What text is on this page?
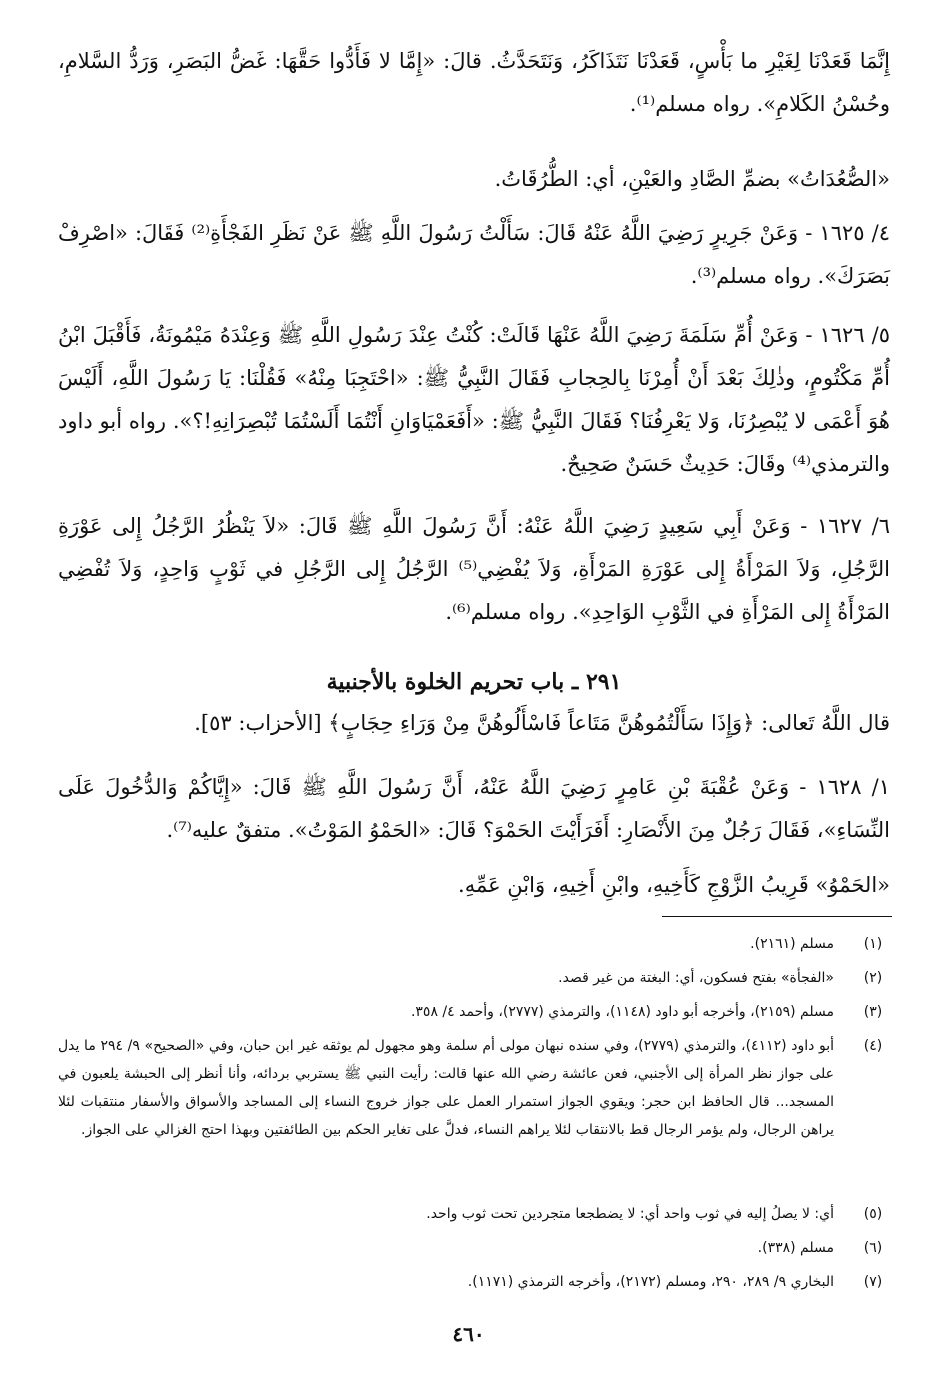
إِنَّمَا قَعَدْنَا لِغَيْرِ ما بَأْسٍ، قَعَدْنَا نَتَذَاكَرُ، وَنَتَحَدَّثُ. قالَ: «إِمَّا لا فَأَدُّوا حَقَّهَا: غَضُّ البَصَرِ، وَرَدُّ السَّلامِ، وحُسْنُ الكَلامِ». رواه مسلم⁽¹⁾.

«الصُّعُدَاتُ» بضمِّ الصَّادِ والعَيْنِ، أي: الطُّرُقَاتُ.

٤/ ١٦٢٥ - وَعَنْ جَرِيرٍ رَضِيَ اللَّهُ عَنْهُ قَالَ: سَأَلْتُ رَسُولَ اللَّهِ ﷺ عَنْ نَظَرِ الفَجْأَةِ⁽²⁾ فَقَالَ: «اصْرِفْ بَصَرَكَ». رواه مسلم⁽³⁾.

٥/ ١٦٢٦ - وَعَنْ أُمِّ سَلَمَةَ رَضِيَ اللَّهُ عَنْهَا قَالَتْ: كُنْتُ عِنْدَ رَسُولِ اللَّهِ ﷺ وَعِنْدَهُ مَيْمُونَةُ، فَأَقْبَلَ ابْنُ أُمِّ مَكْتُومٍ، وذٰلِكَ بَعْدَ أَنْ أُمِرْنَا بِالحِجابِ فَقَالَ النَّبِيُّ ﷺ: «احْتَجِبَا مِنْهُ» فَقُلْنَا: يَا رَسُولَ اللَّهِ، أَلَيْسَ هُوَ أَعْمَى لا يُبْصِرُنَا، وَلا يَعْرِفُنَا؟ فَقَالَ النَّبِيُّ ﷺ: «أَفَعَمْيَاوَانِ أَنْتُمَا أَلَسْتُمَا تُبْصِرَانِهِ!؟». رواه أبو داود والترمذي⁽⁴⁾ وقَالَ: حَدِيثٌ حَسَنٌ صَحِيحٌ.

٦/ ١٦٢٧ - وَعَنْ أَبِي سَعِيدٍ رَضِيَ اللَّهُ عَنْهُ: أَنَّ رَسُولَ اللَّهِ ﷺ قَالَ: «لاَ يَنْظُرُ الرَّجُلُ إِلى عَوْرَةِ الرَّجُلِ، وَلاَ المَرْأَةُ إِلى عَوْرَةِ المَرْأَةِ، وَلاَ يُفْضِي⁽⁵⁾ الرَّجُلُ إِلى الرَّجُلِ في ثَوْبٍ وَاحِدٍ، وَلاَ تُفْضِي المَرْأَةُ إِلى المَرْأَةِ في الثَّوْبِ الوَاحِدِ». رواه مسلم⁽⁶⁾.

٢٩١ ـ باب تحريم الخلوة بالأجنبية

قال اللَّهُ تَعالى: ﴿وَإِذَا سَأَلْتُمُوهُنَّ مَتَاعاً فَاسْأَلُوهُنَّ مِنْ وَرَاءِ حِجَابٍ﴾ [الأحزاب: ٥٣].

١/ ١٦٢٨ - وَعَنْ عُقْبَةَ بْنِ عَامِرٍ رَضِيَ اللَّهُ عَنْهُ، أَنَّ رَسُولَ اللَّهِ ﷺ قَالَ: «إِيَّاكُمْ وَالدُّخُولَ عَلَى النِّسَاءِ»، فَقَالَ رَجُلٌ مِنَ الأَنْصَارِ: أَفَرَأَيْتَ الحَمْوَ؟ قَالَ: «الحَمْوُ المَوْتُ». متفقٌ عليه⁽⁷⁾.

«الحَمْوُ» قَرِيبُ الزَّوْجِ كَأَخِيهِ، وابْنِ أَخِيهِ، وَابْنِ عَمِّهِ.

(١)
مسلم (٢١٦١).
(٢)
«الفجأة» بفتح فسكون، أي: البغتة من غير قصد.
(٣)
مسلم (٢١٥٩)، وأخرجه أبو داود (١١٤٨)، والترمذي (٢٧٧٧)، وأحمد ٤/ ٣٥٨.
(٤)
أبو داود (٤١١٢)، والترمذي (٢٧٧٩)، وفي سنده نبهان مولى أم سلمة وهو مجهول لم يوثقه غير ابن حبان، وفي «الصحيح» ٩/ ٢٩٤ ما يدل على جواز نظر المرأة إلى الأجنبي، فعن عائشة رضي الله عنها قالت: رأيت النبي ﷺ يستربي بردائه، وأنا أنظر إلى الحبشة يلعبون في المسجد... قال الحافظ ابن حجر: ويقوي الجواز استمرار العمل على جواز خروج النساء إلى المساجد والأسواق والأسفار منتقبات لئلا يراهن الرجال، ولم يؤمر الرجال قط بالانتقاب لئلا يراهم النساء، فدلَّ على تغاير الحكم بين الطائفتين وبهذا احتج الغزالي على الجواز.
(٥)
أي: لا يصلُ إليه في ثوب واحد أي: لا يضطجعا متجردين تحت ثوب واحد.
(٦)
مسلم (٣٣٨).
(٧)
البخاري ٩/ ٢٨٩، ٢٩٠، ومسلم (٢١٧٢)، وأخرجه الترمذي (١١٧١).
٤٦٠
